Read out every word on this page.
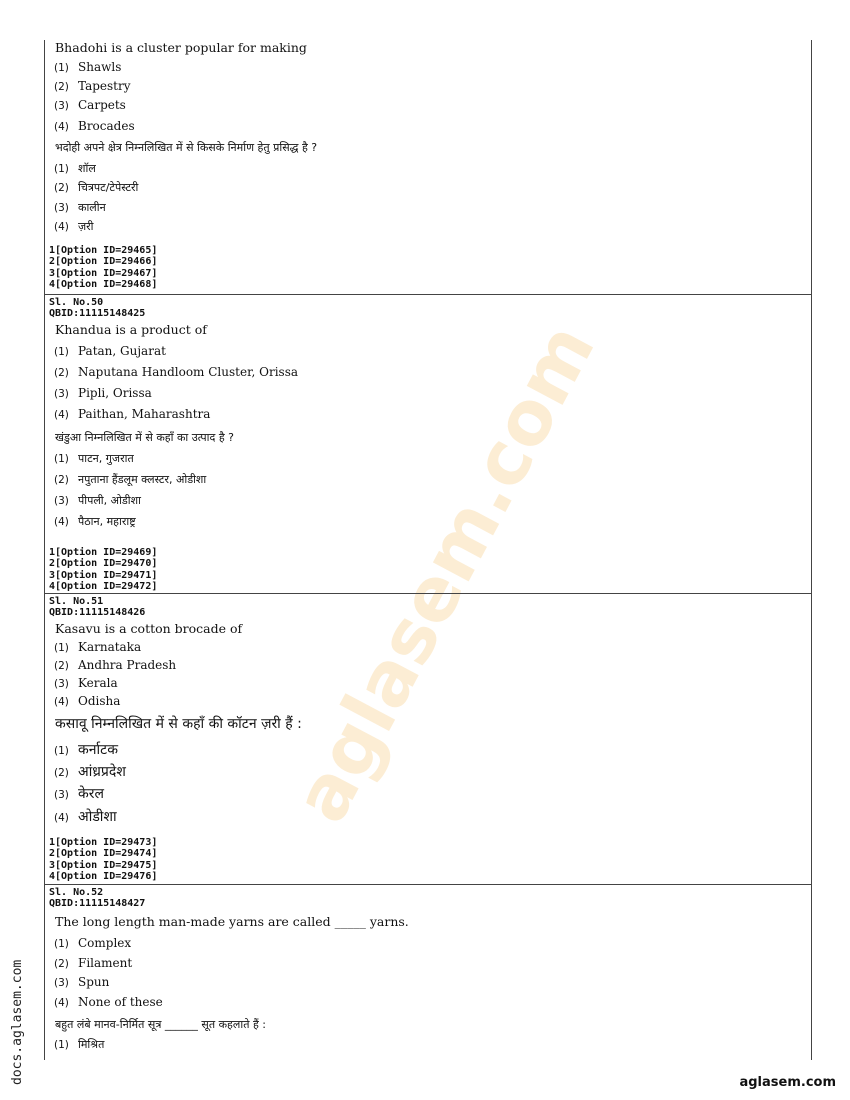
aglasem.com
Bhadohi is a cluster popular for making
(1) Shawls
(2) Tapestry
(3) Carpets
(4) Brocades
भदोही अपने क्षेत्र निम्नलिखित में से किसके निर्माण हेतु प्रसिद्ध है ?
(1) शॉल
(2) चित्रपट/टेपेस्टरी
(3) कालीन
(4) ज़री
1[Option ID=29465]
2[Option ID=29466]
3[Option ID=29467]
4[Option ID=29468]
Sl. No.50
QBID:11115148425
Khandua is a product of
(1) Patan, Gujarat
(2) Naputana Handloom Cluster, Orissa
(3) Pipli, Orissa
(4) Paithan, Maharashtra
खंडुआ निम्नलिखित में से कहाँ का उत्पाद है ?
(1) पाटन, गुजरात
(2) नपुताना हैंडलूम क्लस्टर, ओडीशा
(3) पीपली, ओडीशा
(4) पैठान, महाराष्ट्र
1[Option ID=29469]
2[Option ID=29470]
3[Option ID=29471]
4[Option ID=29472]
Sl. No.51
QBID:11115148426
Kasavu is a cotton brocade of
(1) Karnataka
(2) Andhra Pradesh
(3) Kerala
(4) Odisha
कसावू निम्नलिखित में से कहाँ की कॉटन ज़री हैं :
(1) कर्नाटक
(2) आंध्रप्रदेश
(3) केरल
(4) ओडीशा
1[Option ID=29473]
2[Option ID=29474]
3[Option ID=29475]
4[Option ID=29476]
Sl. No.52
QBID:11115148427
The long length man-made yarns are called _____ yarns.
(1) Complex
(2) Filament
(3) Spun
(4) None of these
बहुत लंबे मानव-निर्मित सूत्र ______ सूत कहलाते हैं :
(1) मिश्रित
docs.aglasem.com	aglasem.com
